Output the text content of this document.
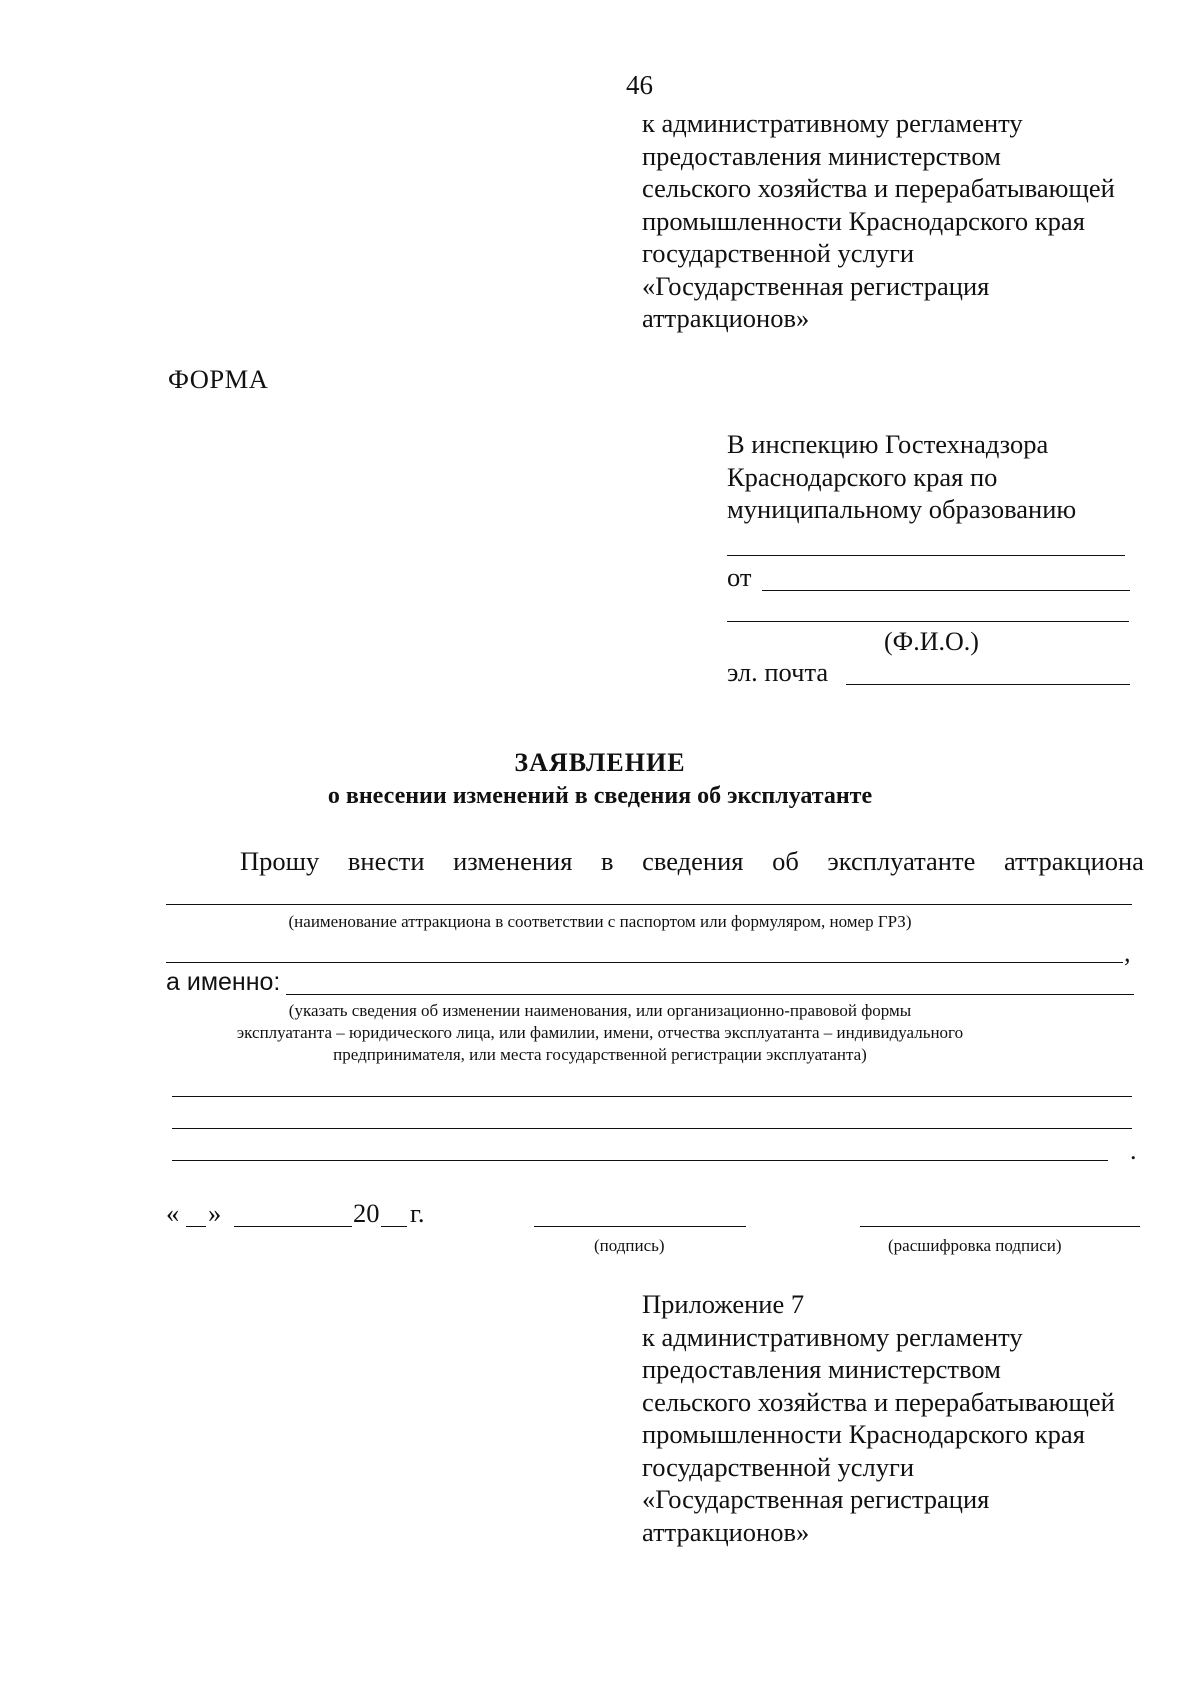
46
к административному регламенту
предоставления министерством
сельского хозяйства и перерабатывающей
промышленности Краснодарского края
государственной услуги
«Государственная регистрация
аттракционов»
ФОРМА
В инспекцию Гостехнадзора
Краснодарского края по
муниципальному образованию
от
(Ф.И.О.)
эл. почта
ЗАЯВЛЕНИЕ
о внесении изменений в сведения об эксплуатанте
Прошу внести изменения в сведения об эксплуатанте аттракциона
(наименование аттракциона в соответствии с паспортом или формуляром, номер ГРЗ)
,
а именно:
(указать сведения об изменении наименования, или организационно-правовой формы
эксплуатанта – юридического лица, или фамилии, имени, отчества эксплуатанта – индивидуального
предпринимателя, или места государственной регистрации эксплуатанта)
.
« »	20 г.
(подпись)	(расшифровка подписи)
Приложение 7
к административному регламенту
предоставления министерством
сельского хозяйства и перерабатывающей
промышленности Краснодарского края
государственной услуги
«Государственная регистрация
аттракционов»
